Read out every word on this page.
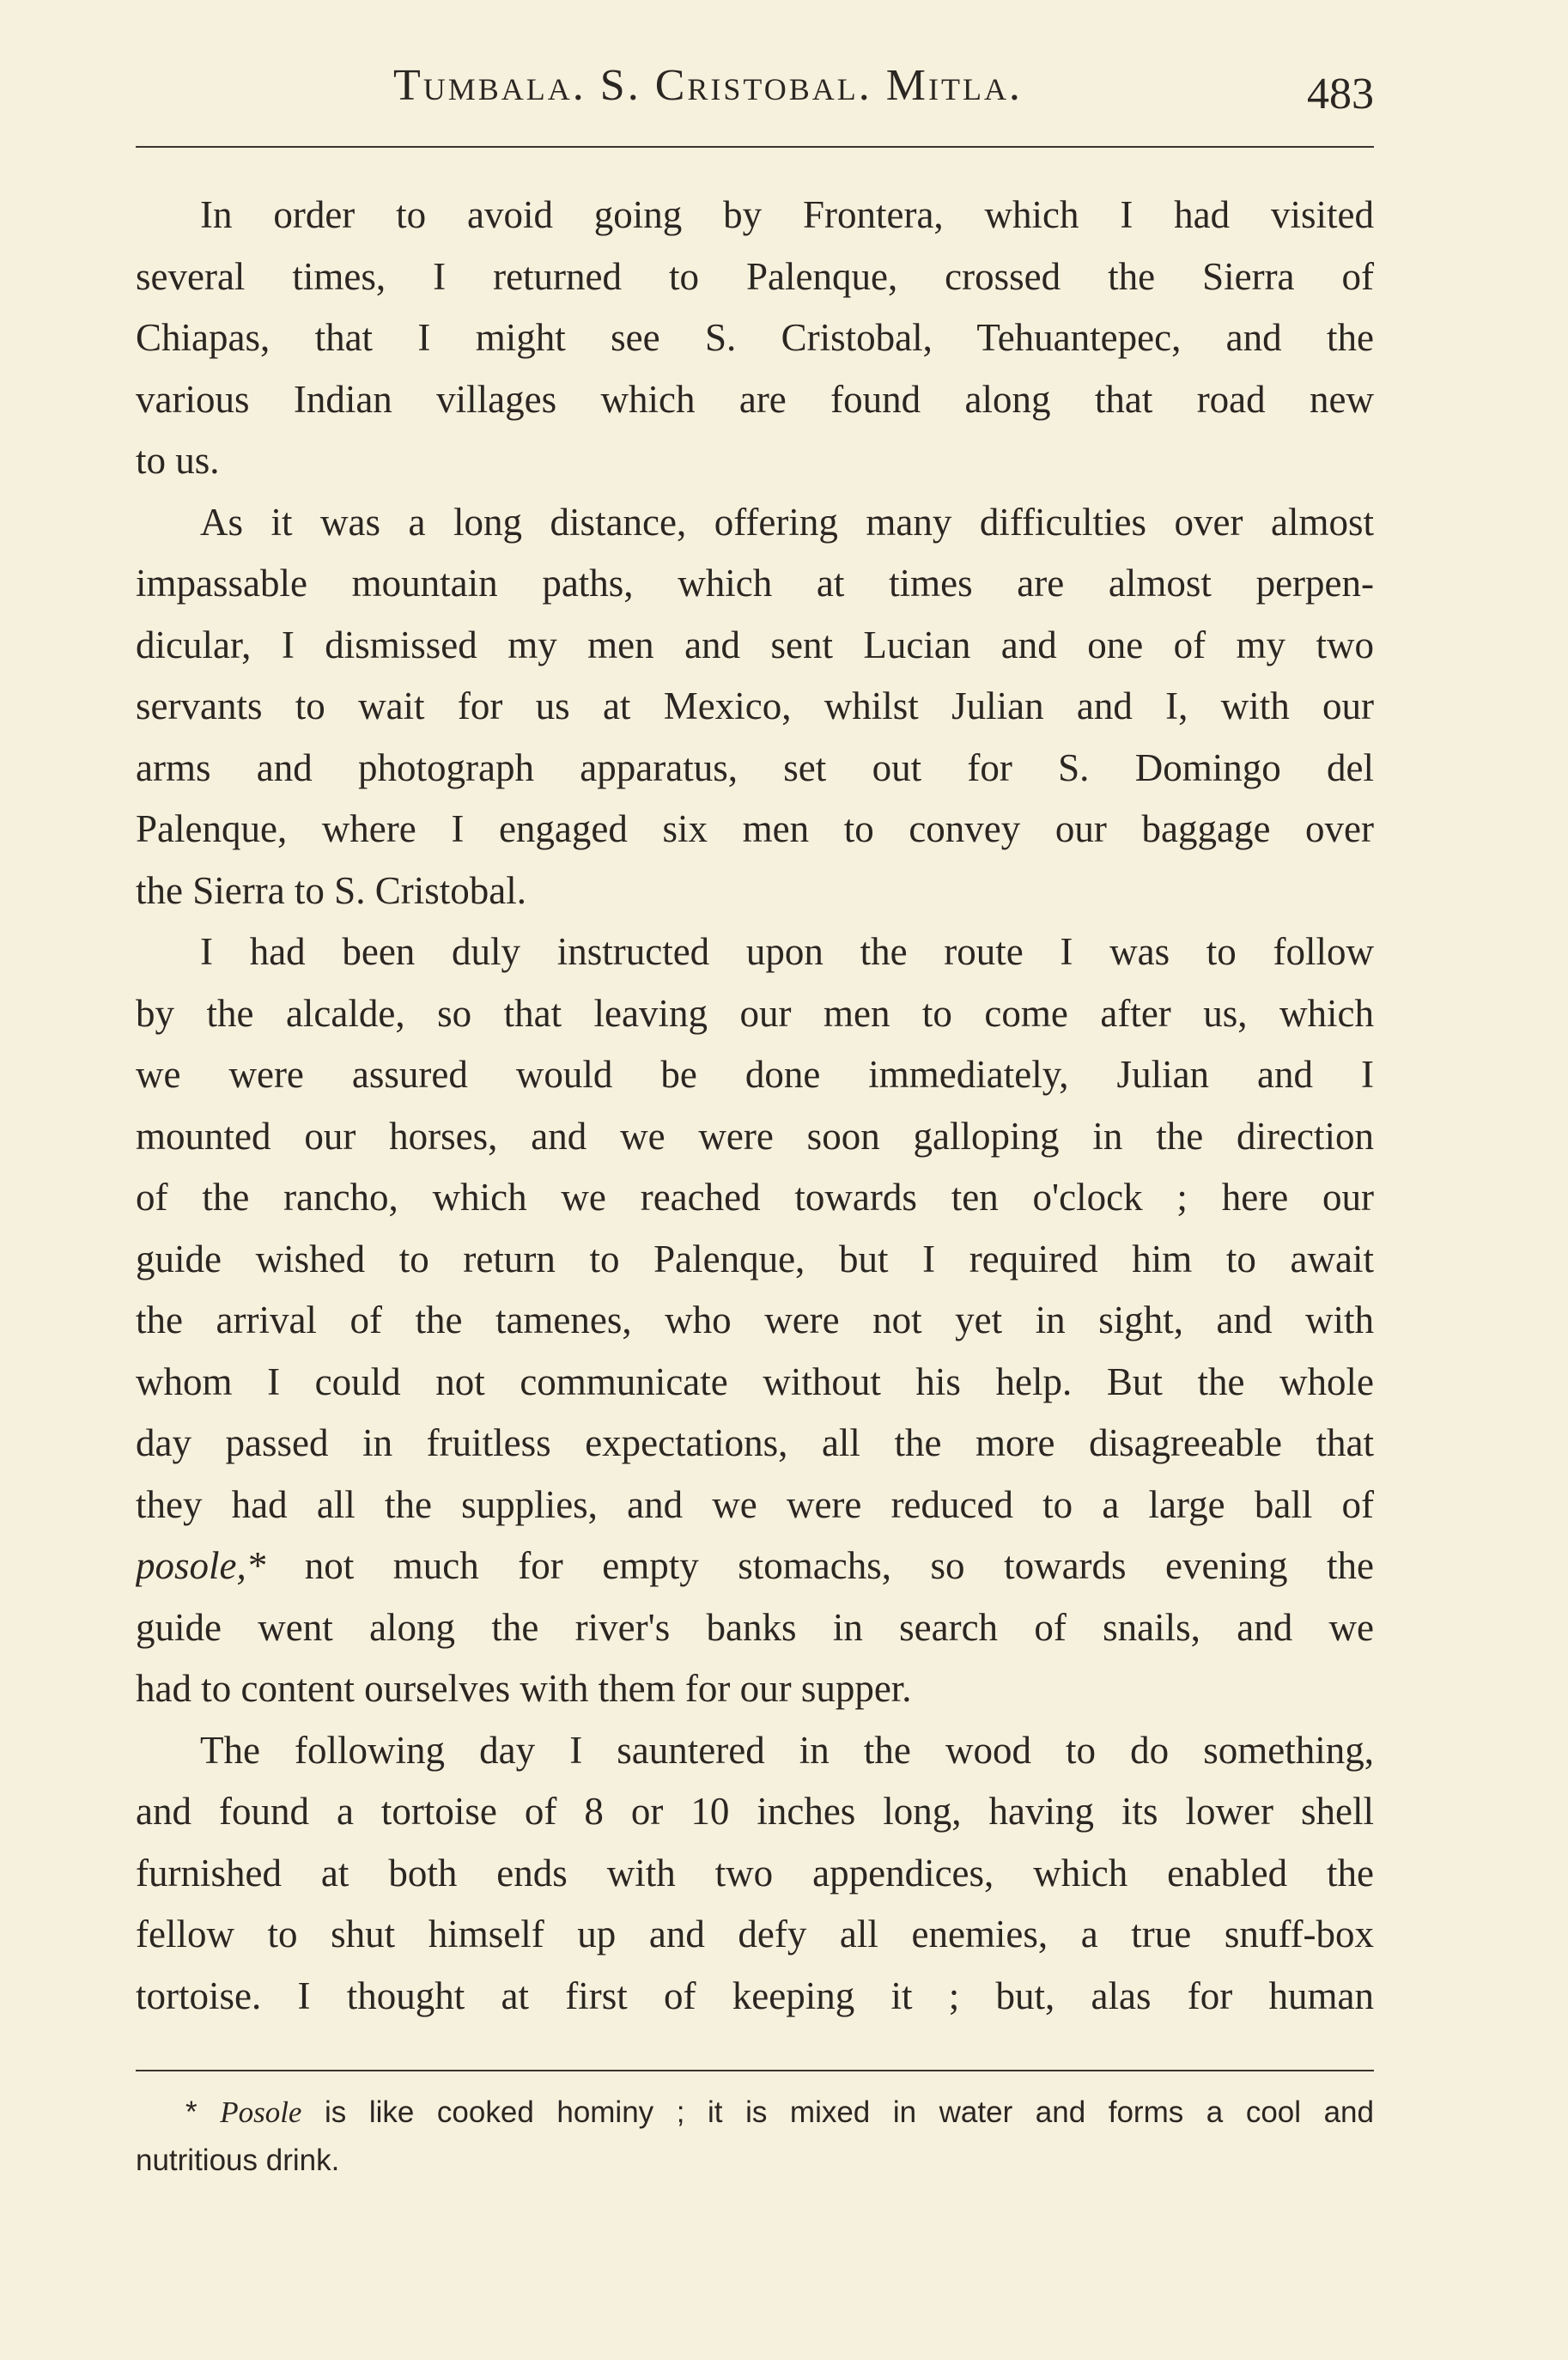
Tumbala. S. Cristobal. Mitla.	483
In order to avoid going by Frontera, which I had visited
several times, I returned to Palenque, crossed the Sierra of
Chiapas, that I might see S. Cristobal, Tehuantepec, and the
various Indian villages which are found along that road new
to us.
As it was a long distance, offering many difficulties over almost
impassable mountain paths, which at times are almost perpen-
dicular, I dismissed my men and sent Lucian and one of my two
servants to wait for us at Mexico, whilst Julian and I, with our
arms and photograph apparatus, set out for S. Domingo del
Palenque, where I engaged six men to convey our baggage over
the Sierra to S. Cristobal.
I had been duly instructed upon the route I was to follow
by the alcalde, so that leaving our men to come after us, which
we were assured would be done immediately, Julian and I
mounted our horses, and we were soon galloping in the direction
of the rancho, which we reached towards ten o'clock ; here our
guide wished to return to Palenque, but I required him to await
the arrival of the tamenes, who were not yet in sight, and with
whom I could not communicate without his help. But the whole
day passed in fruitless expectations, all the more disagreeable that
they had all the supplies, and we were reduced to a large ball of
posole,* not much for empty stomachs, so towards evening the
guide went along the river's banks in search of snails, and we
had to content ourselves with them for our supper.
The following day I sauntered in the wood to do something,
and found a tortoise of 8 or 10 inches long, having its lower shell
furnished at both ends with two appendices, which enabled the
fellow to shut himself up and defy all enemies, a true snuff-box
tortoise. I thought at first of keeping it ; but, alas for human
* Posole is like cooked hominy ; it is mixed in water and forms a cool and
nutritious drink.
